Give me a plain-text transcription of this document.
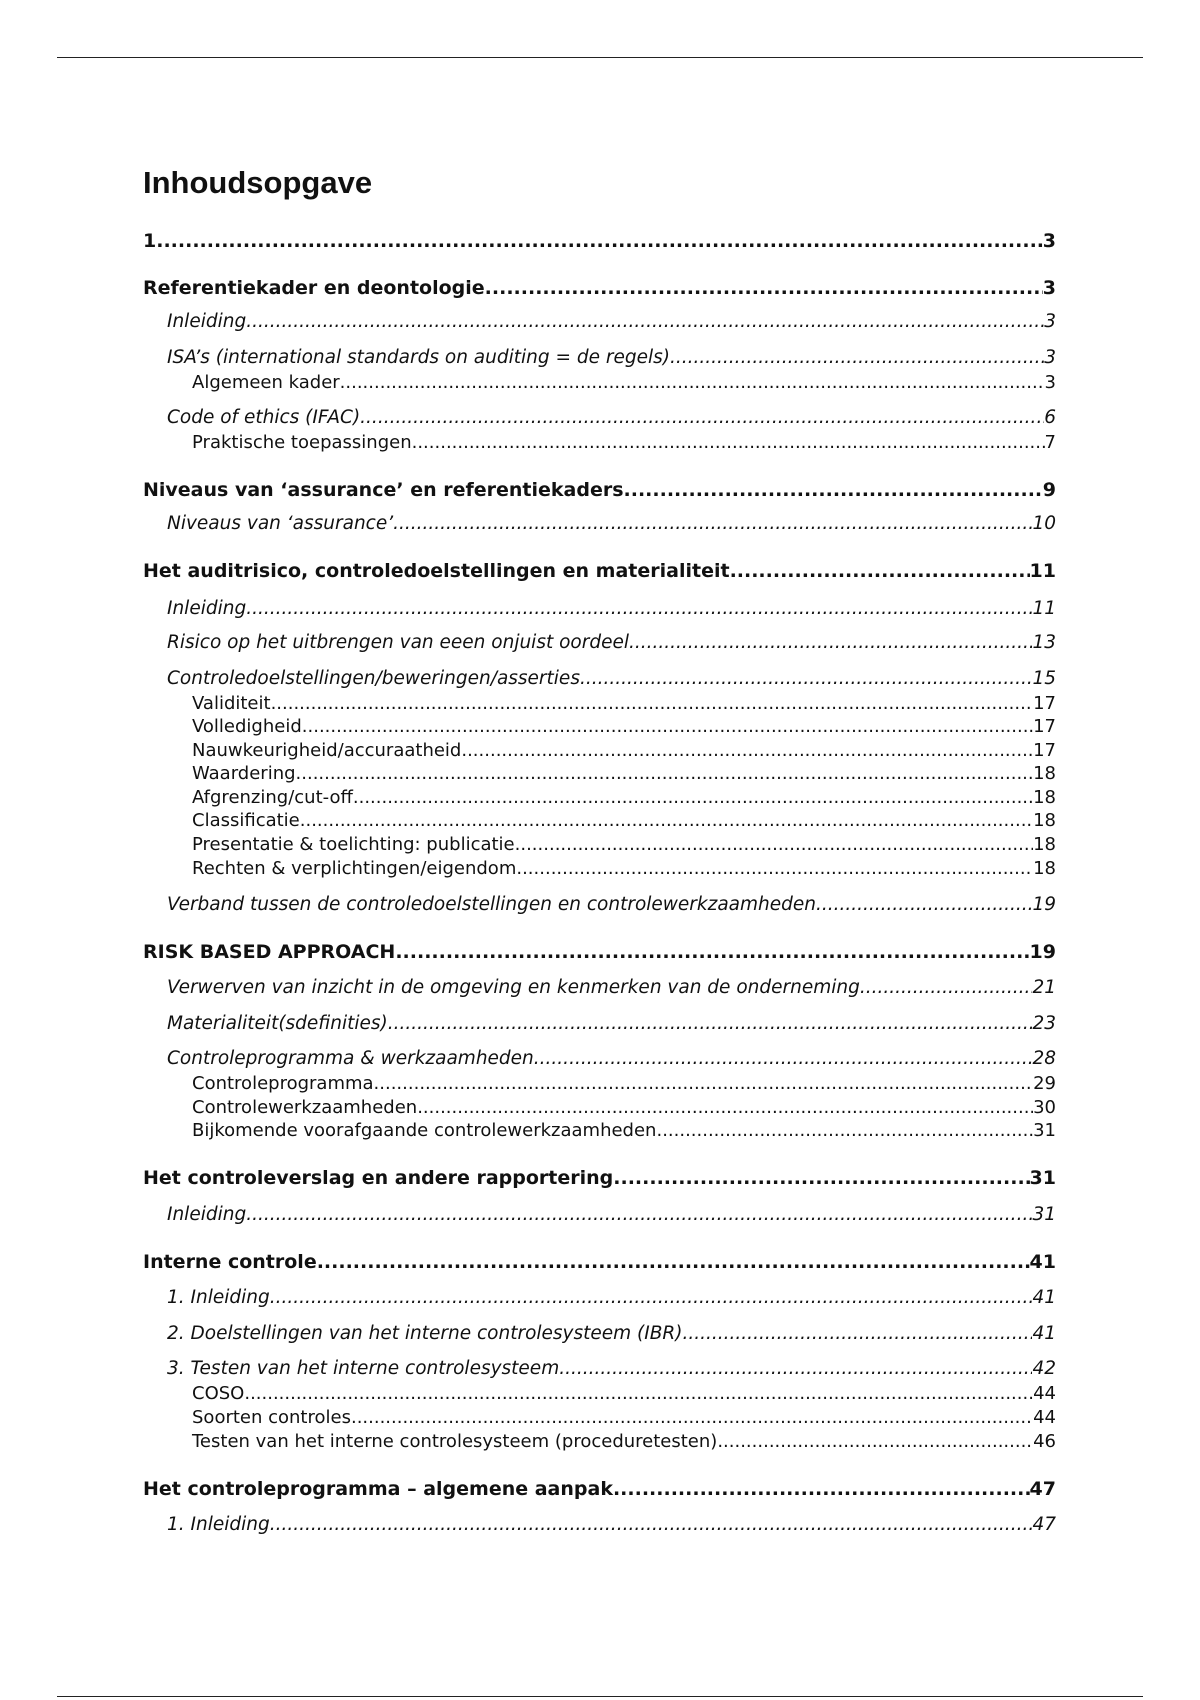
Inhoudsopgave
1 .....	3
Referentiekader en deontologie .....	3
Inleiding .....	3
ISA’s (international standards on auditing = de regels) .....	3
Algemeen kader .....	3
Code of ethics (IFAC) .....	6
Praktische toepassingen .....	7
Niveaus van ‘assurance’ en referentiekaders .....	9
Niveaus van ‘assurance’ .....	10
Het auditrisico, controledoelstellingen en materialiteit .....	11
Inleiding .....	11
Risico op het uitbrengen van eeen onjuist oordeel .....	13
Controledoelstellingen/beweringen/asserties .....	15
Validiteit .....	17
Volledigheid .....	17
Nauwkeurigheid/accuraatheid .....	17
Waardering .....	18
Afgrenzing/cut-off .....	18
Classificatie .....	18
Presentatie & toelichting: publicatie .....	18
Rechten & verplichtingen/eigendom .....	18
Verband tussen de controledoelstellingen en controlewerkzaamheden .....	19
RISK BASED APPROACH .....	19
Verwerven van inzicht in de omgeving en kenmerken van de onderneming .....	21
Materialiteit(sdefinities) .....	23
Controleprogramma & werkzaamheden .....	28
Controleprogramma .....	29
Controlewerkzaamheden .....	30
Bijkomende voorafgaande controlewerkzaamheden .....	31
Het controleverslag en andere rapportering .....	31
Inleiding .....	31
Interne controle .....	41
1. Inleiding .....	41
2. Doelstellingen van het interne controlesysteem (IBR) .....	41
3. Testen van het interne controlesysteem .....	42
COSO .....	44
Soorten controles .....	44
Testen van het interne controlesysteem (proceduretesten) .....	46
Het controleprogramma – algemene aanpak .....	47
1. Inleiding .....	47
